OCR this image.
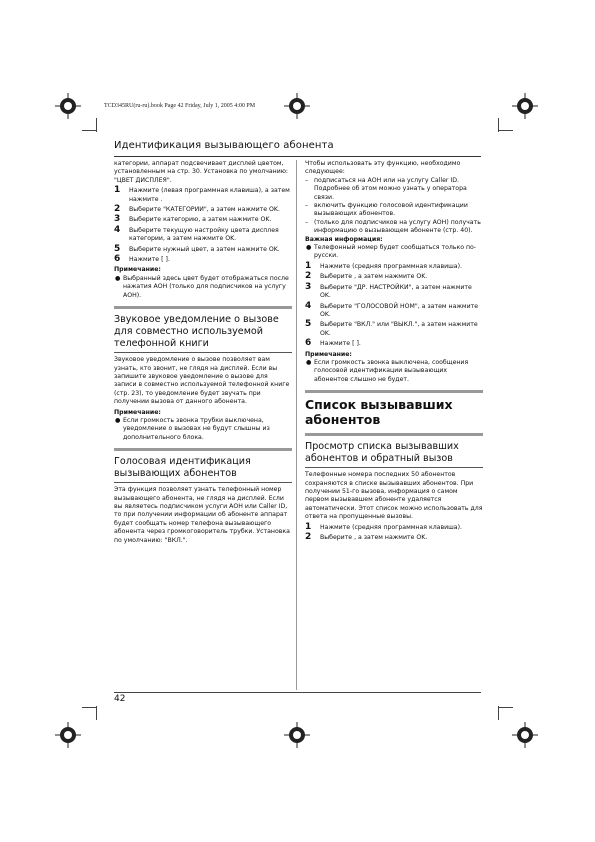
TCD345RU(ru-ru).book Page 42 Friday, July 1, 2005 4:00 PM
Идентификация вызывающего абонента

категории, аппарат подсвечивает дисплей цветом, установленным на стр. 30. Установка по умолчанию: "ЦВЕТ ДИСПЛЕЯ".

1 Нажмите (левая программная клавиша), а затем нажмите .
2 Выберите "КАТЕГОРИИ", а затем нажмите OK.
3 Выберите категорию, а затем нажмите OK.
4 Выберите текущую настройку цвета дисплея категории, а затем нажмите OK.
5 Выберите нужный цвет, а затем нажмите OK.
6 Нажмите [ ].

Примечание:

● Выбранный здесь цвет будет отображаться после нажатия АОН (только для подписчиков на услугу АОН).

Звуковое уведомление о вызове для совместно используемой телефонной книги

Звуковое уведомление о вызове позволяет вам узнать, кто звонит, не глядя на дисплей. Если вы запишите звуковое уведомление о вызове для записи в совместно используемой телефонной книге (стр. 23), то уведомление будет звучать при получении вызова от данного абонента.

Примечание:

● Если громкость звонка трубки выключена, уведомление о вызовах не будут слышны из дополнительного блока.

Голосовая идентификация вызывающих абонентов

Эта функция позволяет узнать телефонный номер вызывающего абонента, не глядя на дисплей. Если вы являетесь подписчиком услуги АОН или Caller ID, то при получении информации об абоненте аппарат будет сообщать номер телефона вызывающего абонента через громкоговоритель трубки. Установка по умолчанию: "ВКЛ.".

Чтобы использовать эту функцию, необходимо следующее:

– подписаться на АОН или на услугу Caller ID. Подробнее об этом можно узнать у оператора связи.
– включить функцию голосовой идентификации вызывающих абонентов.
– (только для подписчиков на услугу АОН) получать информацию о вызывающем абоненте (стр. 40).

Важная информация:

● Телефонный номер будет сообщаться только по-русски.
1 Нажмите (средняя программная клавиша).
2 Выберите , а затем нажмите OK.
3 Выберите "ДР. НАСТРОЙКИ", а затем нажмите OK.
4 Выберите "ГОЛОСОВОЙ НОМ", а затем нажмите OK.
5 Выберите "ВКЛ." или "ВЫКЛ.", а затем нажмите OK.
6 Нажмите [ ].

Примечание:

● Если громкость звонка выключена, сообщения голосовой идентификации вызывающих абонентов слышно не будет.
Список вызывавших абонентов

Просмотр списка вызывавших абонентов и обратный вызов

Телефонные номера последних 50 абонентов сохраняются в списке вызывавших абонентов. При получении 51-го вызова, информация о самом первом вызывавшем абоненте удаляется автоматически. Этот список можно использовать для ответа на пропущенные вызовы.

1 Нажмите (средняя программная клавиша).
2 Выберите , а затем нажмите OK.
42
